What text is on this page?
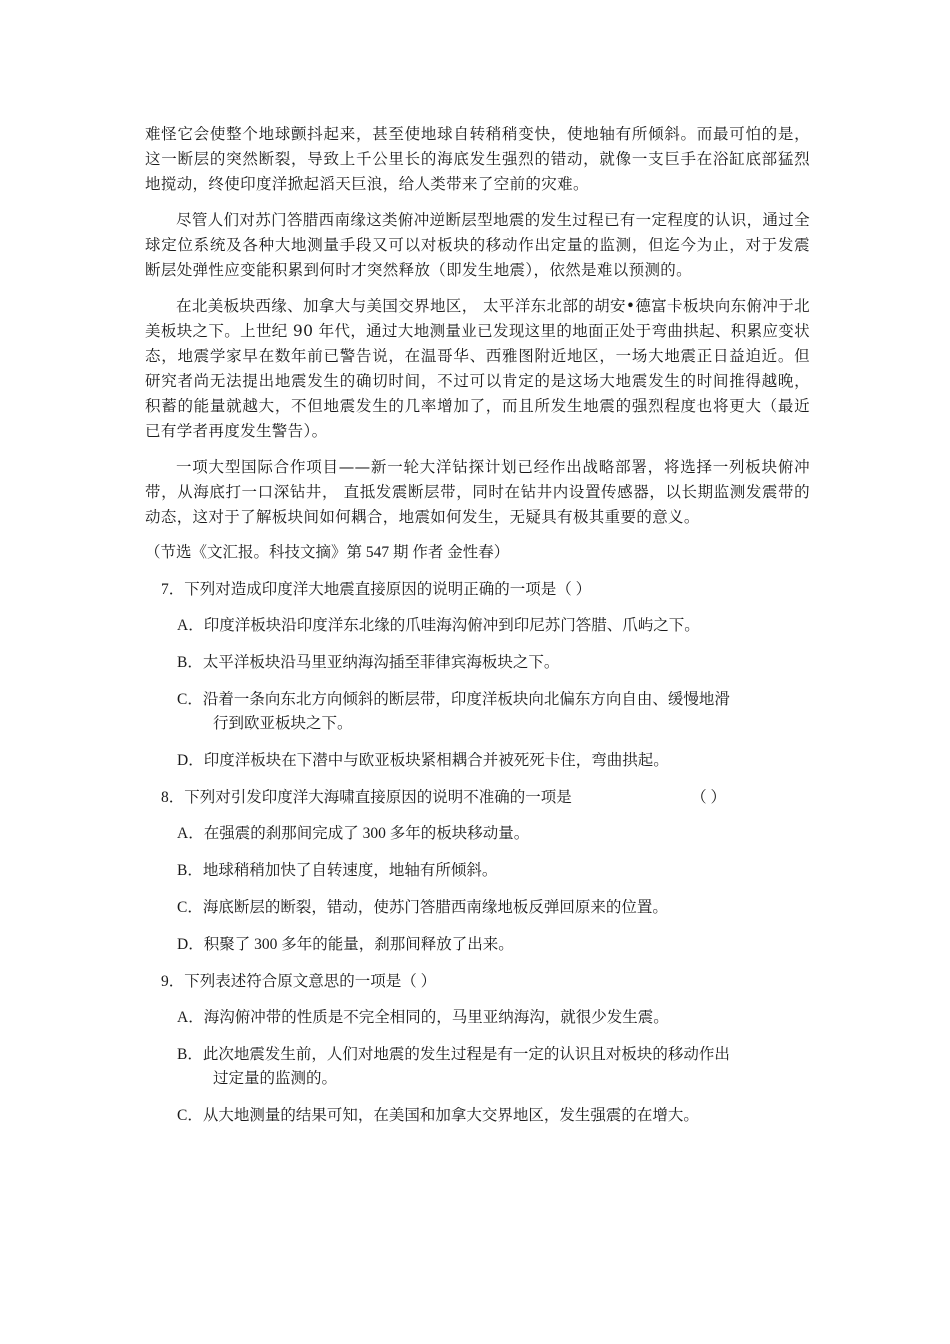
难怪它会使整个地球颤抖起来，甚至使地球自转稍稍变快，使地轴有所倾斜。而最可怕的是，这一断层的突然断裂，导致上千公里长的海底发生强烈的错动，就像一支巨手在浴缸底部猛烈地搅动，终使印度洋掀起滔天巨浪，给人类带来了空前的灾难。

尽管人们对苏门答腊西南缘这类俯冲逆断层型地震的发生过程已有一定程度的认识，通过全球定位系统及各种大地测量手段又可以对板块的移动作出定量的监测，但迄今为止，对于发震断层处弹性应变能积累到何时才突然释放（即发生地震），依然是难以预测的。

在北美板块西缘、加拿大与美国交界地区， 太平洋东北部的胡安•德富卡板块向东俯冲于北美板块之下。上世纪 90 年代，通过大地测量业已发现这里的地面正处于弯曲拱起、积累应变状态，地震学家早在数年前已警告说，在温哥华、西雅图附近地区，一场大地震正日益迫近。但研究者尚无法提出地震发生的确切时间，不过可以肯定的是这场大地震发生的时间推得越晚，积蓄的能量就越大，不但地震发生的几率增加了，而且所发生地震的强烈程度也将更大（最近已有学者再度发生警告）。

一项大型国际合作项目——新一轮大洋钻探计划已经作出战略部署，将选择一列板块俯冲带，从海底打一口深钻井， 直抵发震断层带，同时在钻井内设置传感器，以长期监测发震带的动态，这对于了解板块间如何耦合，地震如何发生，无疑具有极其重要的意义。

（节选《文汇报。科技文摘》第 547 期 作者 金性春）
7．下列对造成印度洋大地震直接原因的说明正确的一项是（ ）
A．印度洋板块沿印度洋东北缘的爪哇海沟俯冲到印尼苏门答腊、爪屿之下。
B．太平洋板块沿马里亚纳海沟插至菲律宾海板块之下。
C．沿着一条向东北方向倾斜的断层带，印度洋板块向北偏东方向自由、缓慢地滑
行到欧亚板块之下。
D．印度洋板块在下潜中与欧亚板块紧相耦合并被死死卡住，弯曲拱起。
8．下列对引发印度洋大海啸直接原因的说明不准确的一项是	（ ）
A．在强震的刹那间完成了 300 多年的板块移动量。
B．地球稍稍加快了自转速度，地轴有所倾斜。
C．海底断层的断裂，错动，使苏门答腊西南缘地板反弹回原来的位置。
D．积聚了 300 多年的能量，刹那间释放了出来。
9．下列表述符合原文意思的一项是（ ）
A．海沟俯冲带的性质是不完全相同的，马里亚纳海沟，就很少发生震。
B．此次地震发生前，人们对地震的发生过程是有一定的认识且对板块的移动作出
过定量的监测的。
C．从大地测量的结果可知，在美国和加拿大交界地区，发生强震的在增大。
